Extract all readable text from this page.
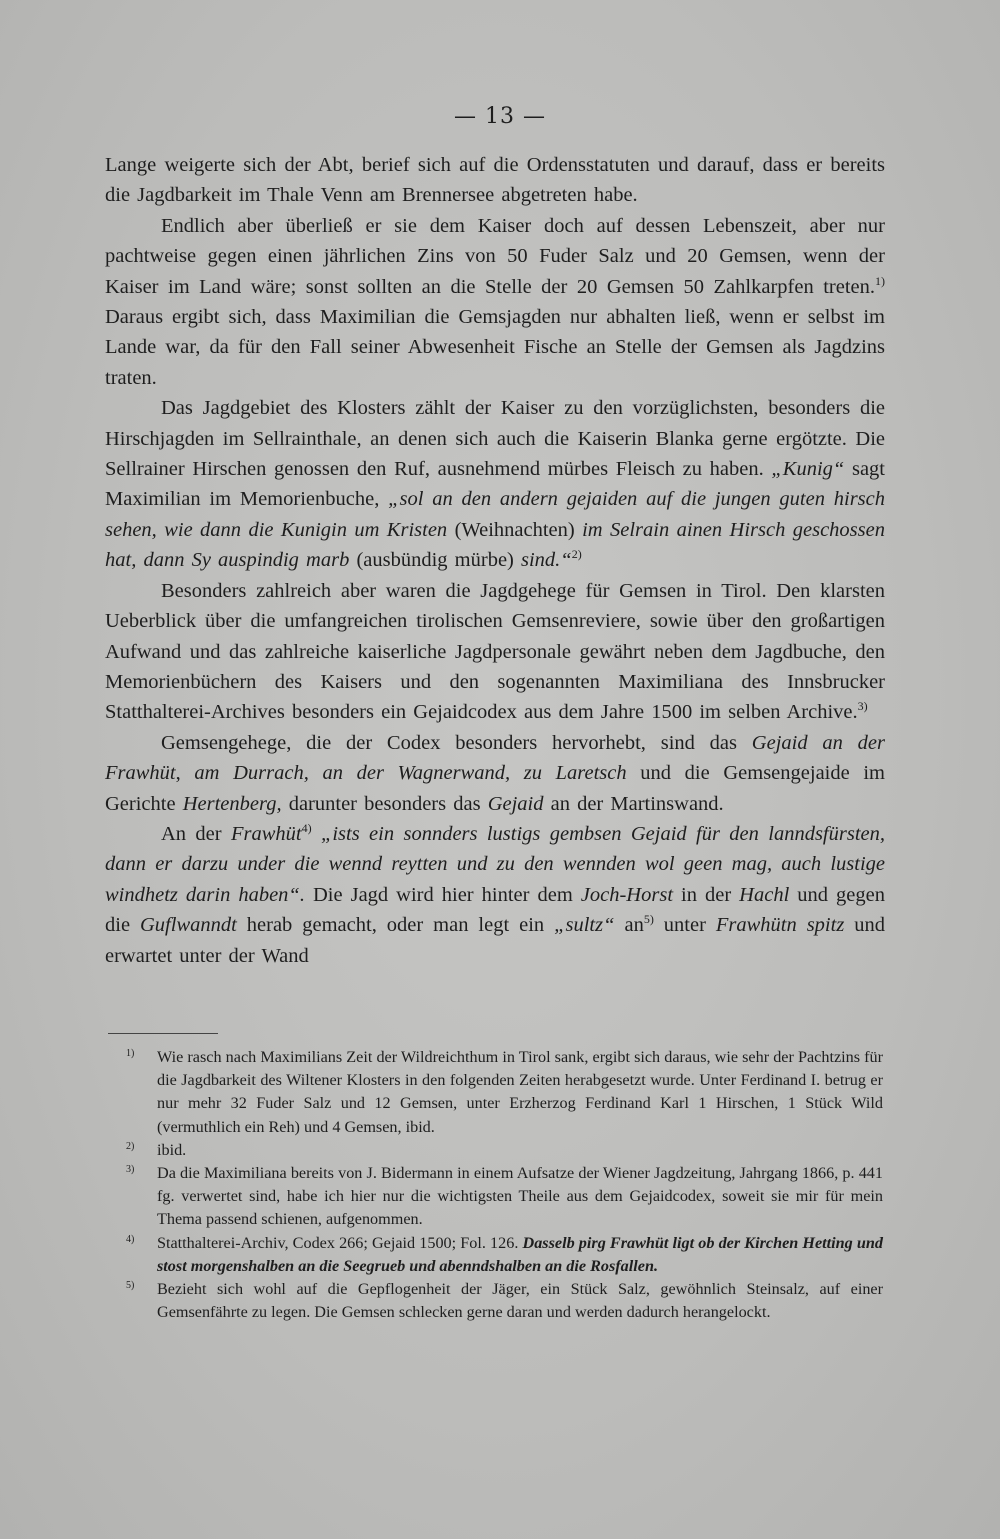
— 13 —

Lange weigerte sich der Abt, berief sich auf die Ordensstatuten und darauf, dass er bereits die Jagdbarkeit im Thale Venn am Brennersee abgetreten habe.

Endlich aber überließ er sie dem Kaiser doch auf dessen Lebenszeit, aber nur pachtweise gegen einen jährlichen Zins von 50 Fuder Salz und 20 Gemsen, wenn der Kaiser im Land wäre; sonst sollten an die Stelle der 20 Gemsen 50 Zahlkarpfen treten.$^{1)}$ Daraus ergibt sich, dass Maximilian die Gemsjagden nur abhalten ließ, wenn er selbst im Lande war, da für den Fall seiner Abwesenheit Fische an Stelle der Gemsen als Jagdzins traten.

Das Jagdgebiet des Klosters zählt der Kaiser zu den vorzüglichsten, besonders die Hirschjagden im Sellrainthale, an denen sich auch die Kaiserin Blanka gerne ergötzte. Die Sellrainer Hirschen genossen den Ruf, ausnehmend mürbes Fleisch zu haben. „Kunig“ sagt Maximilian im Memorienbuche, „sol an den andern gejaiden auf die jungen guten hirsch sehen, wie dann die Kunigin um Kristen (Weihnachten) im Selrain ainen Hirsch geschossen hat, dann Sy auspindig marb (ausbündig mürbe) sind.“$^{2)}$

Besonders zahlreich aber waren die Jagdgehege für Gemsen in Tirol. Den klarsten Ueberblick über die umfangreichen tirolischen Gemsenreviere, sowie über den großartigen Aufwand und das zahlreiche kaiserliche Jagdpersonale gewährt neben dem Jagdbuche, den Memorienbüchern des Kaisers und den sogenannten Maximiliana des Innsbrucker Statthalterei-Archives besonders ein Gejaidcodex aus dem Jahre 1500 im selben Archive.$^{3)}$

Gemsengehege, die der Codex besonders hervorhebt, sind das Gejaid an der Frawhüt, am Durrach, an der Wagnerwand, zu Laretsch und die Gemsengejaide im Gerichte Hertenberg, darunter besonders das Gejaid an der Martinswand.

An der Frawhüt$^{4)}$ „ists ein sonnders lustigs gembsen Gejaid für den lanndsfürsten, dann er darzu under die wennd reytten und zu den wennden wol geen mag, auch lustige windhetz darin haben“. Die Jagd wird hier hinter dem Joch-Horst in der Hachl und gegen die Guflwanndt herab gemacht, oder man legt ein „sultz“ $an^{5)}$ unter Frawhütn spitz und erwartet unter der Wand

$^{1)}$ Wie rasch nach Maximilians Zeit der Wildreichthum in Tirol sank, ergibt sich daraus, wie sehr der Pachtzins für die Jagdbarkeit des Wiltener Klosters in den folgenden Zeiten herabgesetzt wurde. Unter Ferdinand I. betrug er nur mehr 32 Fuder Salz und 12 Gemsen, unter Erzherzog Ferdinand Karl 1 Hirschen, 1 Stück Wild (vermuthlich ein Reh) und 4 Gemsen, ibid.
$^{2)}$ ibid.
$^{3)}$ Da die Maximiliana bereits von J. Bidermann in einem Aufsatze der Wiener Jagdzeitung, Jahrgang 1866, p. 441 fg. verwertet sind, habe ich hier nur die wichtigsten Theile aus dem Gejaidcodex, soweit sie mir für mein Thema passend schienen, aufgenommen.
$^{4)}$ Statthalterei-Archiv, Codex 266; Gejaid 1500; Fol. 126. Dasselb pirg Frawhüt ligt ob der Kirchen Hetting und stost morgenshalben an die Seegrueb und abenndshalben an die Rosfallen.
$^{5)}$ Bezieht sich wohl auf die Gepflogenheit der Jäger, ein Stück Salz, gewöhnlich Steinsalz, auf einer Gemsenfährte zu legen. Die Gemsen schlecken gerne daran und werden dadurch herangelockt.
